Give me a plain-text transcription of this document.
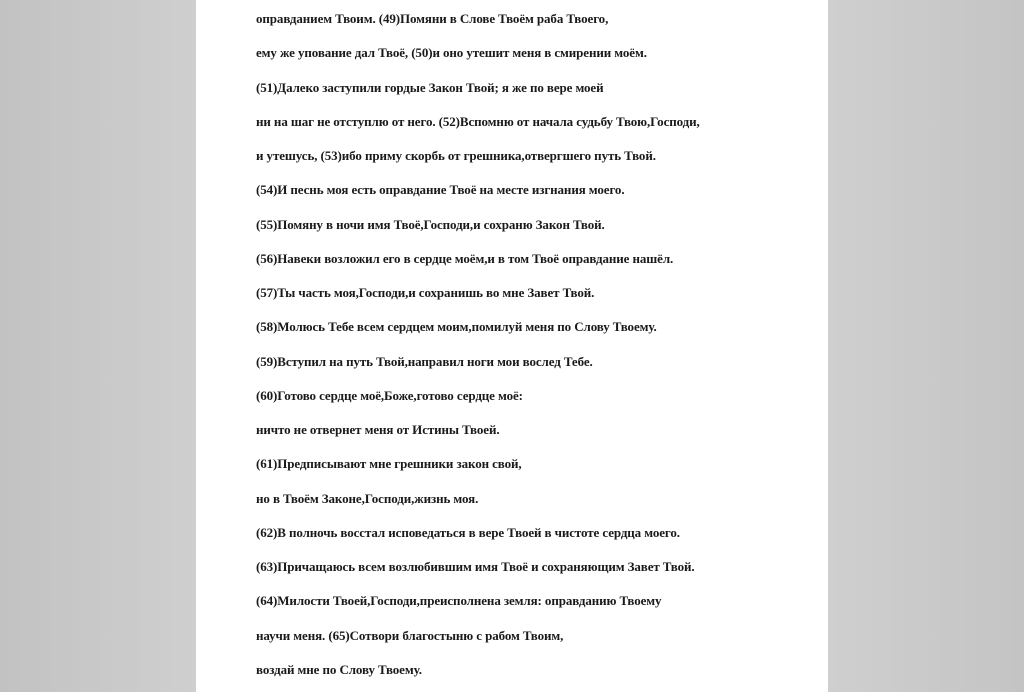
оправданием Твоим. (49)Помяни в Слове Твоём раба Твоего,
ему же упование дал Твоё, (50)и оно утешит меня в смирении моём.
(51)Далеко заступили гордые Закон Твой; я же по вере моей
ни на шаг не отступлю от него. (52)Вспомню от начала судьбу Твою,Господи,
и утешусь, (53)ибо приму скорбь от грешника,отвергшего путь Твой.
(54)И песнь моя есть оправдание Твоё на месте изгнания моего.
(55)Помяну в ночи имя Твоё,Господи,и сохраню Закон Твой.
(56)Навеки возложил его в сердце моём,и в том Твоё оправдание нашёл.
(57)Ты часть моя,Господи,и сохранишь во мне Завет Твой.
(58)Молюсь Тебе всем сердцем моим,помилуй меня по Слову Твоему.
(59)Вступил на путь Твой,направил ноги мои вослед Тебе.
(60)Готово сердце моё,Боже,готово сердце моё:
ничто не отвернет меня от Истины Твоей.
(61)Предписывают мне грешники закон свой,
но в Твоём Законе,Господи,жизнь моя.
(62)В полночь восстал исповедаться в вере Твоей в чистоте сердца моего.
(63)Причащаюсь всем возлюбившим имя Твоё и сохраняющим Завет Твой.
(64)Милости Твоей,Господи,преисполнена земля: оправданию Твоему
научи меня. (65)Сотвори благостыню с рабом Твоим,
воздай мне по Слову Твоему.
